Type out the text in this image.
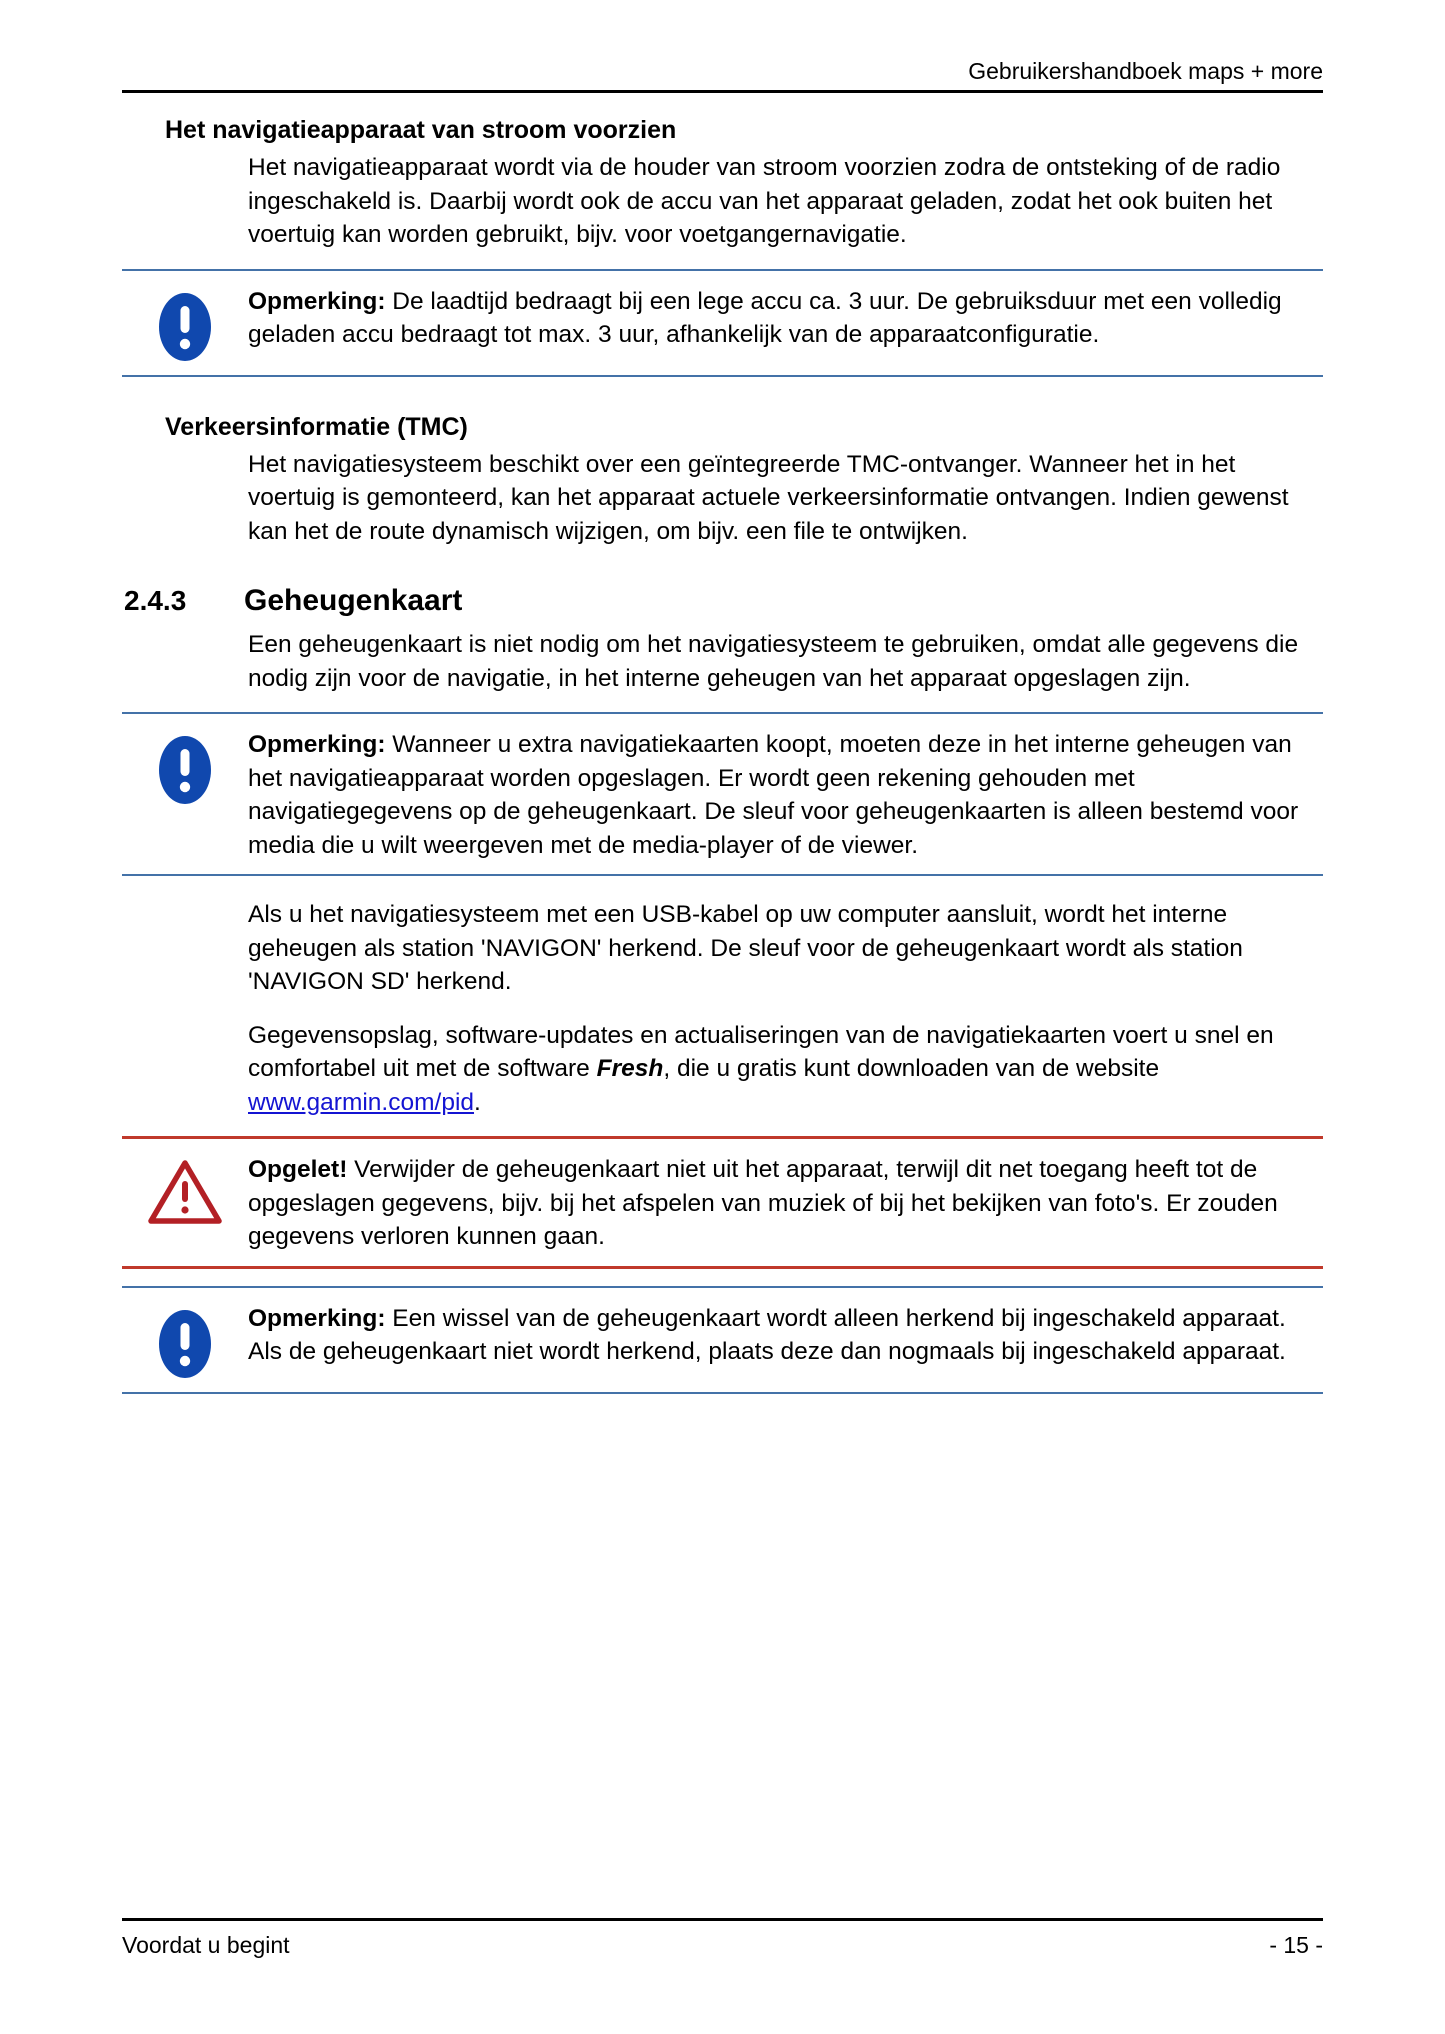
Gebruikershandboek maps + more
Het navigatieapparaat van stroom voorzien

Het navigatieapparaat wordt via de houder van stroom voorzien zodra de ontsteking of de radio ingeschakeld is. Daarbij wordt ook de accu van het apparaat geladen, zodat het ook buiten het voertuig kan worden gebruikt, bijv. voor voetgangernavigatie.

Opmerking: De laadtijd bedraagt bij een lege accu ca. 3 uur. De gebruiksduur met een volledig geladen accu bedraagt tot max. 3 uur, afhankelijk van de apparaatconfiguratie.
Verkeersinformatie (TMC)

Het navigatiesysteem beschikt over een geïntegreerde TMC-ontvanger. Wanneer het in het voertuig is gemonteerd, kan het apparaat actuele verkeersinformatie ontvangen. Indien gewenst kan het de route dynamisch wijzigen, om bijv. een file te ontwijken.

2.4.3	Geheugenkaart

Een geheugenkaart is niet nodig om het navigatiesysteem te gebruiken, omdat alle gegevens die nodig zijn voor de navigatie, in het interne geheugen van het apparaat opgeslagen zijn.

Opmerking: Wanneer u extra navigatiekaarten koopt, moeten deze in het interne geheugen van het navigatieapparaat worden opgeslagen. Er wordt geen rekening gehouden met navigatiegegevens op de geheugenkaart. De sleuf voor geheugenkaarten is alleen bestemd voor media die u wilt weergeven met de media-player of de viewer.

Als u het navigatiesysteem met een USB-kabel op uw computer aansluit, wordt het interne geheugen als station 'NAVIGON' herkend. De sleuf voor de geheugenkaart wordt als station 'NAVIGON SD' herkend.

Gegevensopslag, software-updates en actualiseringen van de navigatiekaarten voert u snel en comfortabel uit met de software Fresh, die u gratis kunt downloaden van de website www.garmin.com/pid.

Opgelet! Verwijder de geheugenkaart niet uit het apparaat, terwijl dit net toegang heeft tot de opgeslagen gegevens, bijv. bij het afspelen van muziek of bij het bekijken van foto's. Er zouden gegevens verloren kunnen gaan.
Opmerking: Een wissel van de geheugenkaart wordt alleen herkend bij ingeschakeld apparaat. Als de geheugenkaart niet wordt herkend, plaats deze dan nogmaals bij ingeschakeld apparaat.
Voordat u begint	- 15 -
